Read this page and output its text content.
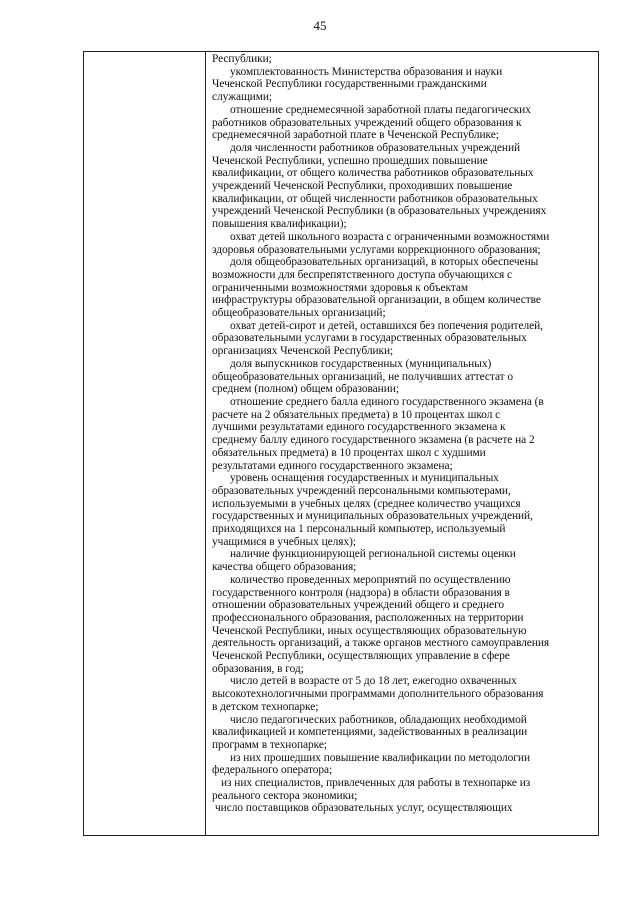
45

Республики;
укомплектованность Министерства образования и науки
Чеченской Республики государственными гражданскими
служащими;
отношение среднемесячной заработной платы педагогических
работников образовательных учреждений общего образования к
среднемесячной заработной плате в Чеченской Республике;
доля численности работников образовательных учреждений
Чеченской Республики, успешно прошедших повышение
квалификации, от общего количества работников образовательных
учреждений Чеченской Республики, проходивших повышение
квалификации, от общей численности работников образовательных
учреждений Чеченской Республики (в образовательных учреждениях
повышения квалификации);
охват детей школьного возраста с ограниченными возможностями
здоровья образовательными услугами коррекционного образования;
доля общеобразовательных организаций, в которых обеспечены
возможности для беспрепятственного доступа обучающихся с
ограниченными возможностями здоровья к объектам
инфраструктуры образовательной организации, в общем количестве
общеобразовательных организаций;
охват детей-сирот и детей, оставшихся без попечения родителей,
образовательными услугами в государственных образовательных
организациях Чеченской Республики;
доля выпускников государственных (муниципальных)
общеобразовательных организаций, не получивших аттестат о
среднем (полном) общем образовании;
отношение среднего балла единого государственного экзамена (в
расчете на 2 обязательных предмета) в 10 процентах школ с
лучшими результатами единого государственного экзамена к
среднему баллу единого государственного экзамена (в расчете на 2
обязательных предмета) в 10 процентах школ с худшими
результатами единого государственного экзамена;
уровень оснащения государственных и муниципальных
образовательных учреждений персональными компьютерами,
используемыми в учебных целях (среднее количество учащихся
государственных и муниципальных образовательных учреждений,
приходящихся на 1 персональный компьютер, используемый
учащимися в учебных целях);
наличие функционирующей региональной системы оценки
качества общего образования;
количество проведенных мероприятий по осуществлению
государственного контроля (надзора) в области образования в
отношении образовательных учреждений общего и среднего
профессионального образования, расположенных на территории
Чеченской Республики, иных осуществляющих образовательную
деятельность организаций, а также органов местного самоуправления
Чеченской Республики, осуществляющих управление в сфере
образования, в год;
число детей в возрасте от 5 до 18 лет, ежегодно охваченных
высокотехнологичными программами дополнительного образования
в детском технопарке;
число педагогических работников, обладающих необходимой
квалификацией и компетенциями, задействованных в реализации
программ в технопарке;
из них прошедших повышение квалификации по методологии
федерального оператора;
из них специалистов, привлеченных для работы в технопарке из
реального сектора экономики;
число поставщиков образовательных услуг, осуществляющих
